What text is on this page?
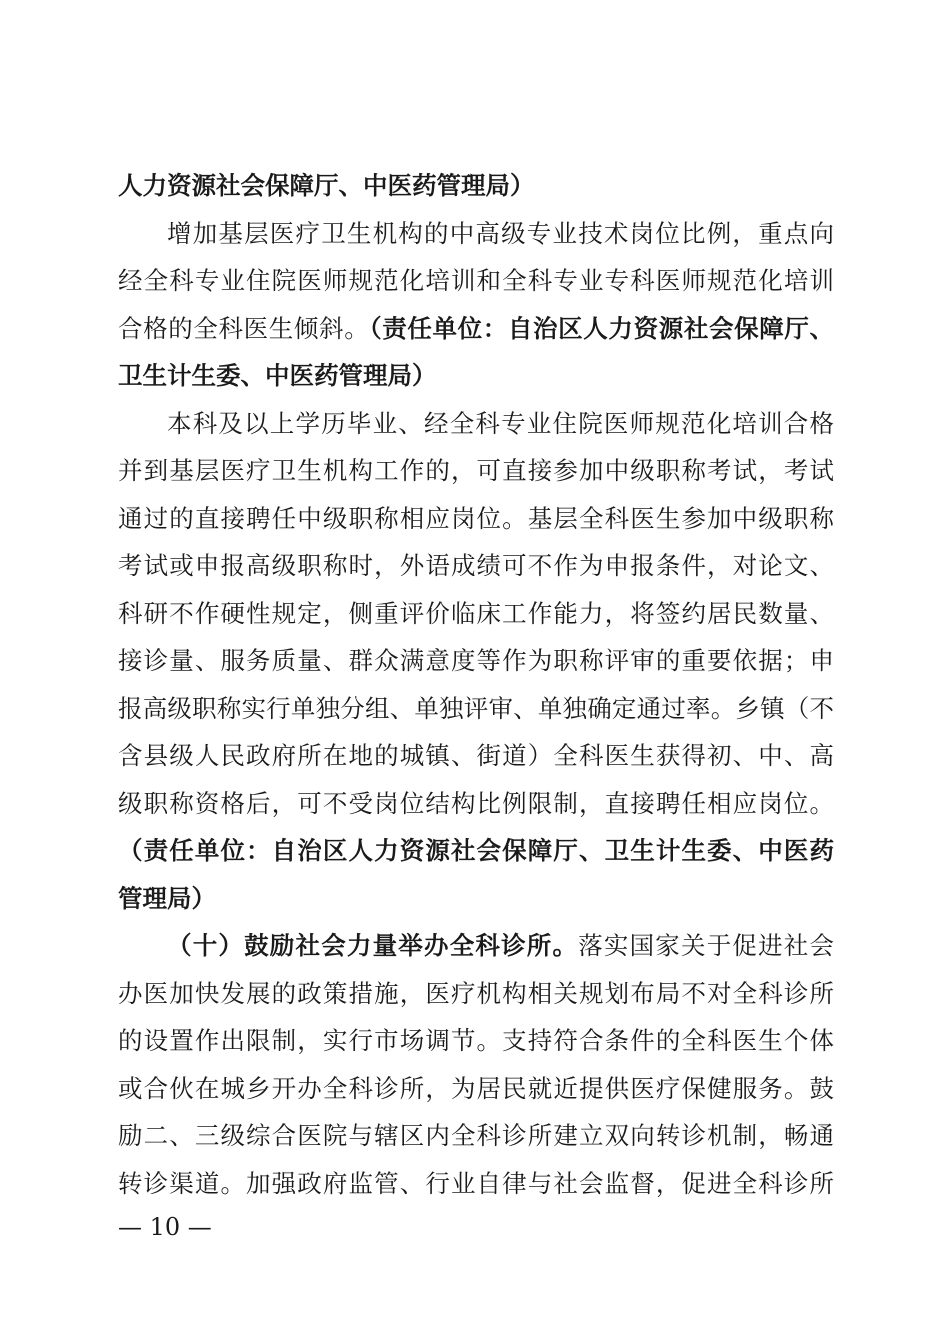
人力资源社会保障厅、中医药管理局）
增加基层医疗卫生机构的中高级专业技术岗位比例，重点向
经全科专业住院医师规范化培训和全科专业专科医师规范化培训
合格的全科医生倾斜。（责任单位：自治区人力资源社会保障厅、
卫生计生委、中医药管理局）
本科及以上学历毕业、经全科专业住院医师规范化培训合格
并到基层医疗卫生机构工作的，可直接参加中级职称考试，考试
通过的直接聘任中级职称相应岗位。基层全科医生参加中级职称
考试或申报高级职称时，外语成绩可不作为申报条件，对论文、
科研不作硬性规定，侧重评价临床工作能力，将签约居民数量、
接诊量、服务质量、群众满意度等作为职称评审的重要依据；申
报高级职称实行单独分组、单独评审、单独确定通过率。乡镇（不
含县级人民政府所在地的城镇、街道）全科医生获得初、中、高
级职称资格后，可不受岗位结构比例限制，直接聘任相应岗位。
（责任单位：自治区人力资源社会保障厅、卫生计生委、中医药
管理局）
（十）鼓励社会力量举办全科诊所。落实国家关于促进社会
办医加快发展的政策措施，医疗机构相关规划布局不对全科诊所
的设置作出限制，实行市场调节。支持符合条件的全科医生个体
或合伙在城乡开办全科诊所，为居民就近提供医疗保健服务。鼓
励二、三级综合医院与辖区内全科诊所建立双向转诊机制，畅通
转诊渠道。加强政府监管、行业自律与社会监督，促进全科诊所
— 10 —
